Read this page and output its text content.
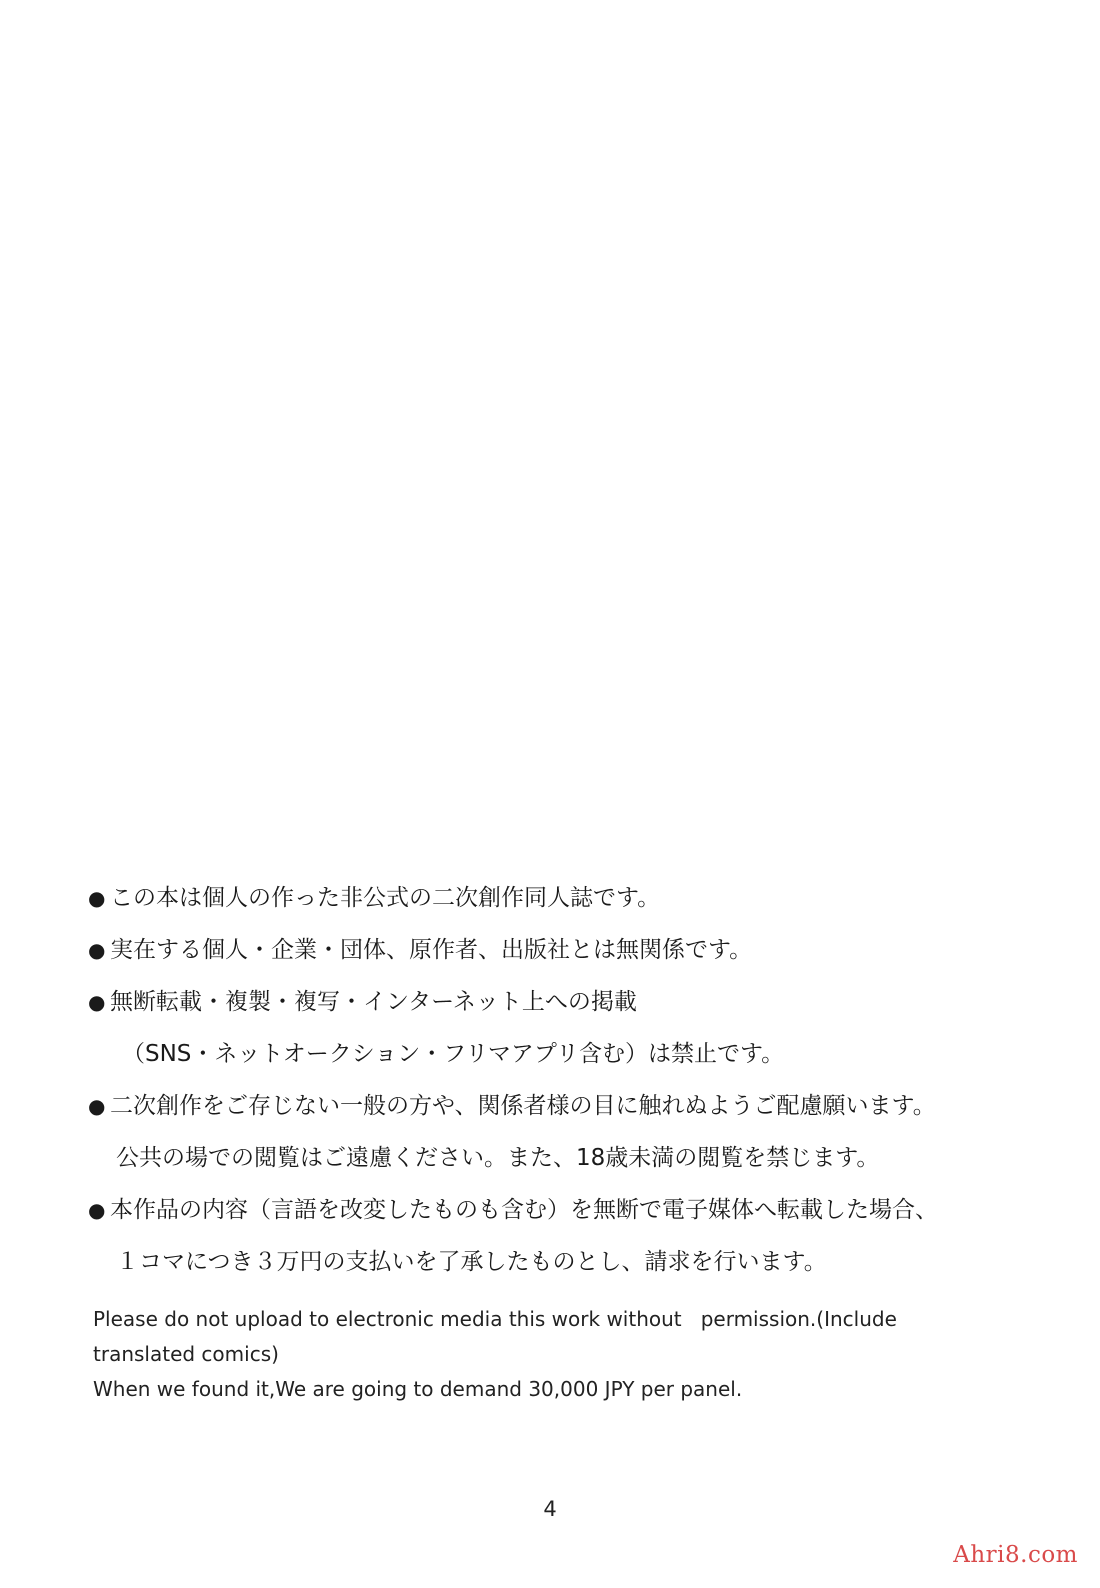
● この本は個人の作った非公式の二次創作同人誌です。
● 実在する個人・企業・団体、原作者、出版社とは無関係です。
● 無断転載・複製・複写・インターネット上への掲載
（SNS・ネットオークション・フリマアプリ含む）は禁止です。
● 二次創作をご存じない一般の方や、関係者様の目に触れぬようご配慮願います。
公共の場での閲覧はご遠慮ください。また、18歳未満の閲覧を禁じます。
● 本作品の内容（言語を改変したものも含む）を無断で電子媒体へ転載した場合、
１コマにつき３万円の支払いを了承したものとし、請求を行います。
Please do not upload to electronic media this work without   permission.(Include
translated comics)
When we found it,We are going to demand 30,000 JPY per panel.
4
Ahri8.com
